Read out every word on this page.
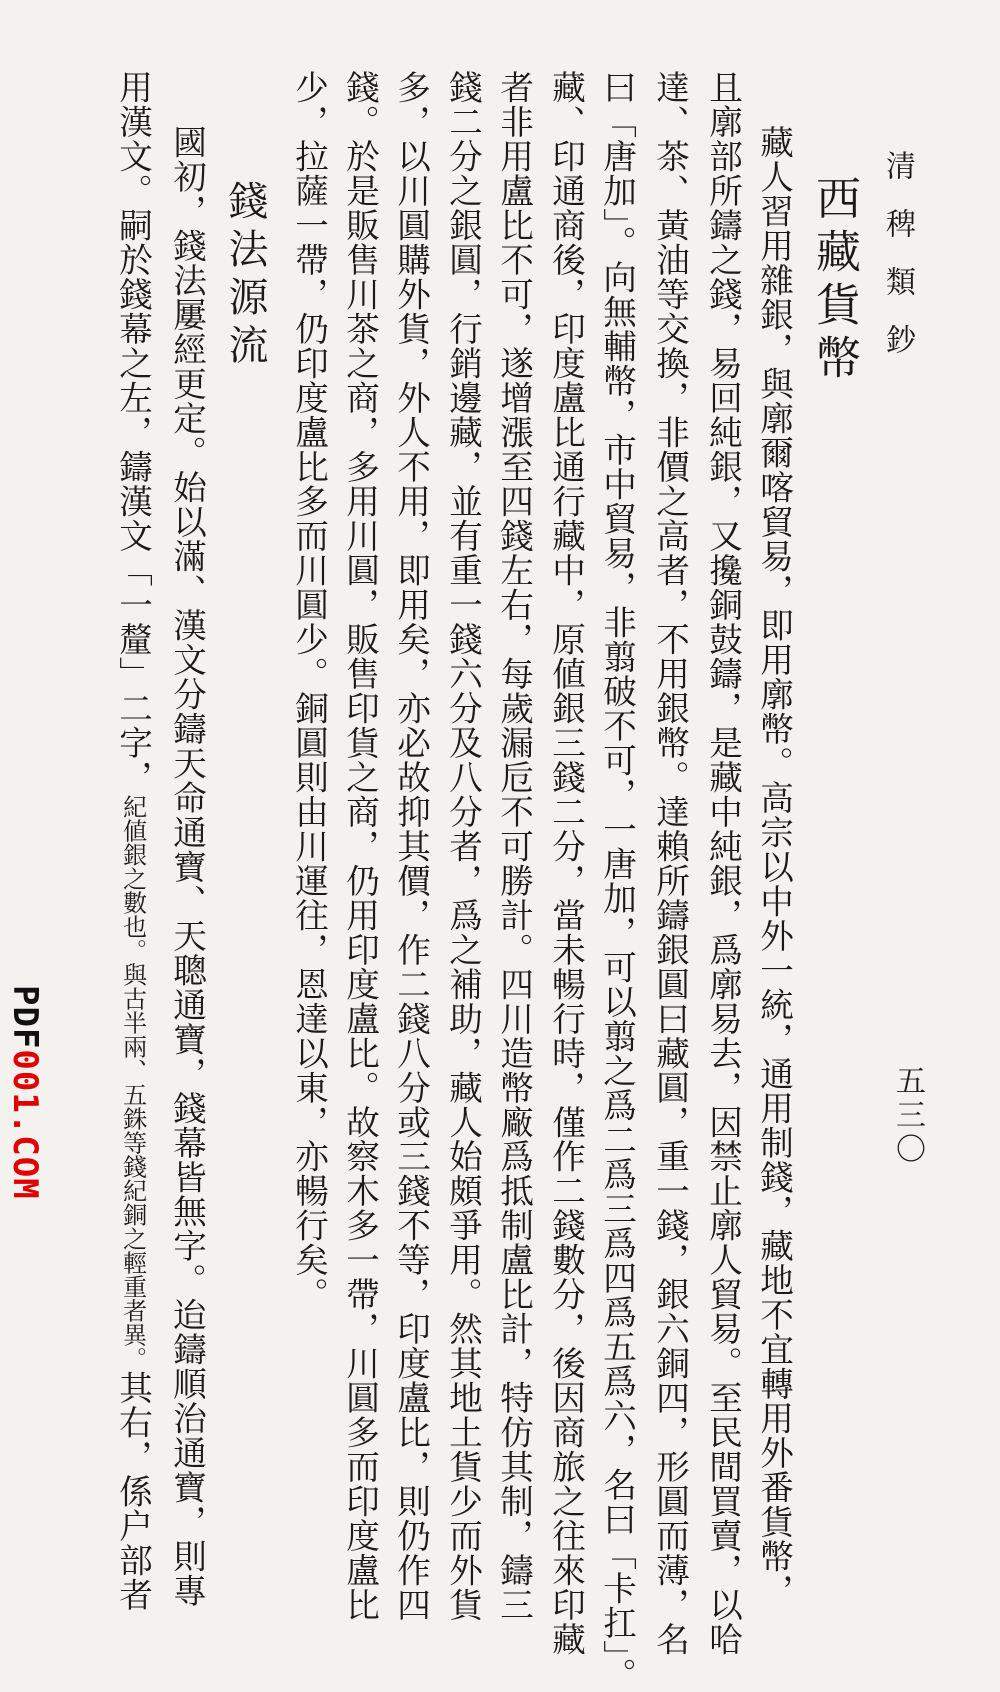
清稗類鈔
五三〇
西藏貨幣
藏人習用雜銀，與廓爾喀貿易，即用廓幣。高宗以中外一統，通用制錢，藏地不宜轉用外番貨幣，
且廓部所鑄之錢，易回純銀，又攙銅鼓鑄，是藏中純銀，爲廓易去，因禁止廓人貿易。至民間買賣，以哈
達、茶、黃油等交換，非價之高者，不用銀幣。達賴所鑄銀圓曰藏圓，重一錢，銀六銅四，形圓而薄，名
曰「唐加」。向無輔幣，市中貿易，非翦破不可，一唐加，可以翦之爲二爲三爲四爲五爲六，名曰「卡扛」。
藏、印通商後，印度盧比通行藏中，原値銀三錢二分，當未暢行時，僅作二錢數分，後因商旅之往來印藏
者非用盧比不可，遂增漲至四錢左右，每歲漏卮不可勝計。四川造幣廠爲抵制盧比計，特仿其制，鑄三
錢二分之銀圓，行銷邊藏，並有重一錢六分及八分者，爲之補助，藏人始頗爭用。然其地土貨少而外貨
多，以川圓購外貨，外人不用，即用矣，亦必故抑其價，作二錢八分或三錢不等，印度盧比，則仍作四
錢。於是販售川茶之商，多用川圓，販售印貨之商，仍用印度盧比。故察木多一帶，川圓多而印度盧比
少，拉薩一帶，仍印度盧比多而川圓少。銅圓則由川運往，恩達以東，亦暢行矣。
錢法源流
國初，錢法屢經更定。始以滿、漢文分鑄天命通寶、天聰通寶，錢幕皆無字。迨鑄順治通寶，則專
用漢文。嗣於錢幕之左，鑄漢文「一釐」二字，紀値銀之數也。與古半兩、五銖等錢紀銅之輕重者異。其右，係户部者
PDF001.COM
